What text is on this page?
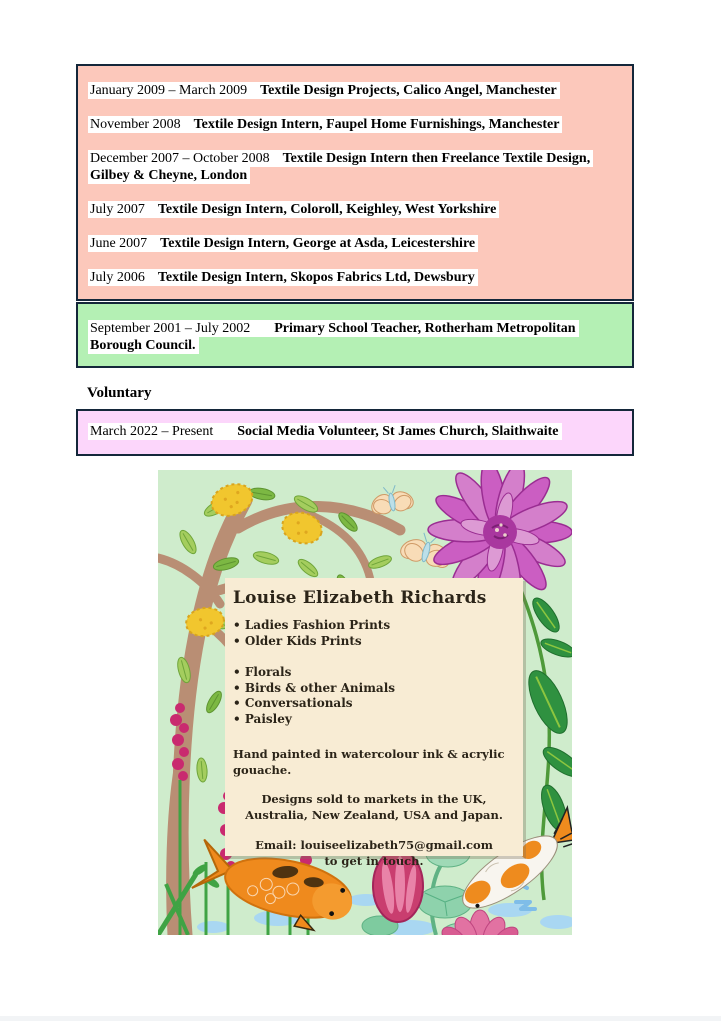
January 2009 – March 2009 Textile Design Projects, Calico Angel, Manchester

November 2008 Textile Design Intern, Faupel Home Furnishings, Manchester

December 2007 – October 2008 Textile Design Intern then Freelance Textile Design, Gilbey & Cheyne, London

July 2007 Textile Design Intern, Coloroll, Keighley, West Yorkshire

June 2007 Textile Design Intern, George at Asda, Leicestershire

July 2006 Textile Design Intern, Skopos Fabrics Ltd, Dewsbury

September 2001 – July 2002 Primary School Teacher, Rotherham Metropolitan Borough Council.

Voluntary

March 2022 – Present Social Media Volunteer, St James Church, Slaithwaite

Louise Elizabeth Richards
• Ladies Fashion Prints
• Older Kids Prints
• Florals
• Birds & other Animals
• Conversationals
• Paisley

Hand painted in watercolour ink & acrylic gouache.

Designs sold to markets in the UK, Australia, New Zealand, USA and Japan.

Email: louiseelizabeth75@gmail.com to get in touch.
